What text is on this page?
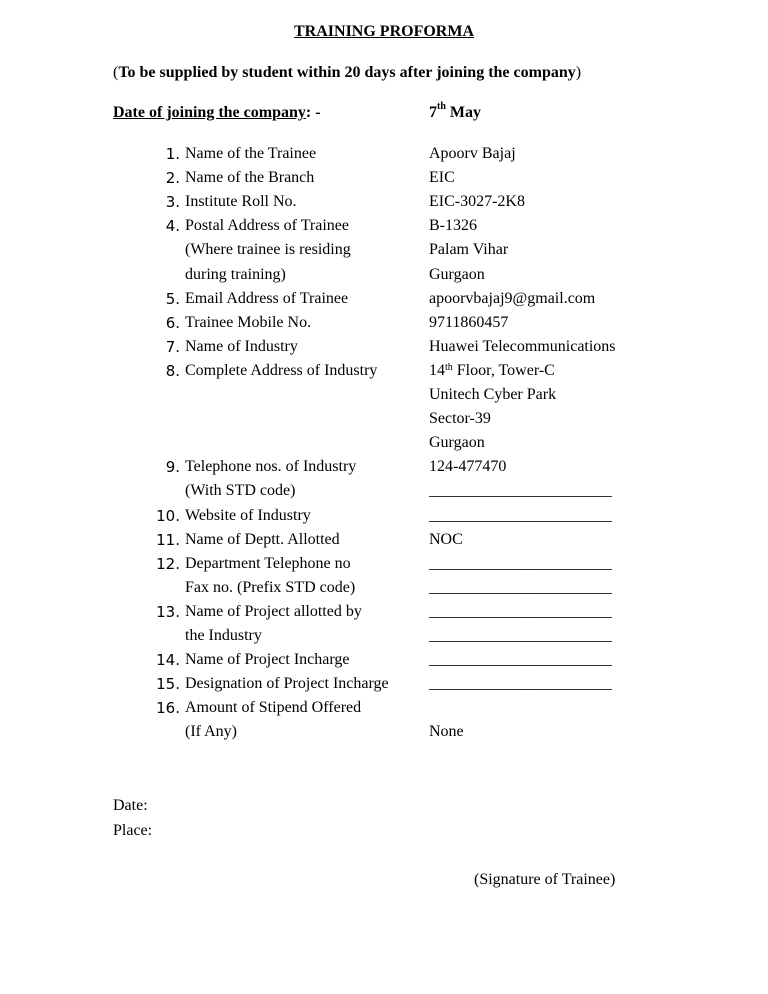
TRAINING PROFORMA
(To be supplied by student within 20 days after joining the company)
Date of joining the company: -	7th May
1. Name of the Trainee	Apoorv Bajaj
2. Name of the Branch	EIC
3. Institute Roll No.	EIC-3027-2K8
4. Postal Address of Trainee	B-1326
(Where trainee is residing	Palam Vihar
during training)	Gurgaon
5. Email Address of Trainee	apoorvbajaj9@gmail.com
6. Trainee Mobile No.	9711860457
7. Name of Industry	Huawei Telecommunications
8. Complete Address of Industry	14th Floor, Tower-C
Unitech Cyber Park
Sector-39
Gurgaon
9. Telephone nos. of Industry	124-477470
(With STD code)	________________________
10. Website of Industry	________________________
11. Name of Deptt. Allotted	NOC
12. Department Telephone no	________________________
Fax no. (Prefix STD code)	________________________
13. Name of Project allotted by	________________________
the Industry	________________________
14. Name of Project Incharge	________________________
15. Designation of Project Incharge	________________________
16. Amount of Stipend Offered
(If Any)	None
Date:
Place:
(Signature of Trainee)
